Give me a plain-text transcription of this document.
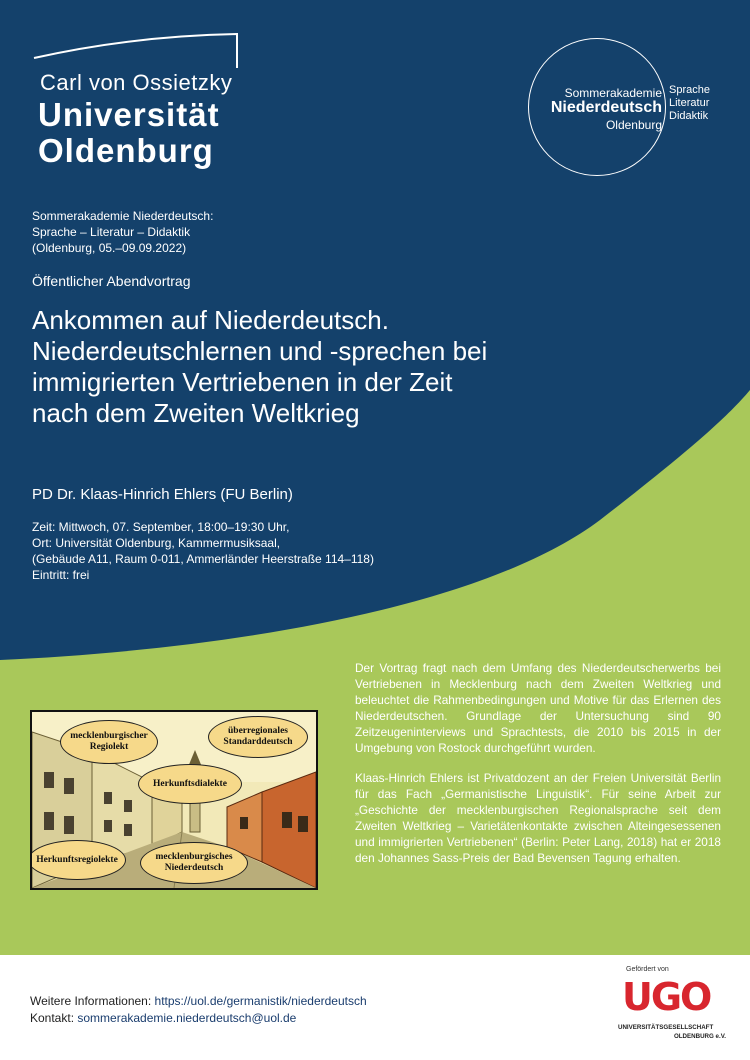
Carl von Ossietzky
Universität
Oldenburg
Sommerakademie
Niederdeutsch
Oldenburg
Sprache
Literatur
Didaktik
Sommerakademie Niederdeutsch:
Sprache – Literatur – Didaktik
(Oldenburg, 05.–09.09.2022)
Öffentlicher Abendvortrag
Ankommen auf Niederdeutsch.
Niederdeutschlernen und -sprechen bei
immigrierten Vertriebenen in der Zeit
nach dem Zweiten Weltkrieg
PD Dr. Klaas-Hinrich Ehlers (FU Berlin)
Zeit: Mittwoch, 07. September, 18:00–19:30 Uhr,
Ort: Universität Oldenburg, Kammermusiksaal,
(Gebäude A11, Raum 0-011, Ammerländer Heerstraße 114–118)
Eintritt: frei
mecklenburgischer Regiolekt
überregionales Standarddeutsch
Herkunftsdialekte
Herkunftsregiolekte	mecklenburgisches Niederdeutsch

Der Vortrag fragt nach dem Umfang des Niederdeutscherwerbs bei Vertriebenen in Mecklenburg nach dem Zweiten Weltkrieg und beleuchtet die Rahmenbedingungen und Motive für das Erlernen des Niederdeutschen. Grundlage der Untersuchung sind 90 Zeitzeugeninterviews und Sprachtests, die 2010 bis 2015 in der Umgebung von Rostock durchgeführt wurden.

Klaas-Hinrich Ehlers ist Privatdozent an der Freien Universität Berlin für das Fach „Germanistische Linguistik“. Für seine Arbeit zur „Geschichte der mecklenburgischen Regionalsprache seit dem Zweiten Weltkrieg – Varietätenkontakte zwischen Alteingesessenen und immigrierten Vertriebenen“ (Berlin: Peter Lang, 2018) hat er 2018 den Johannes Sass-Preis der Bad Bevensen Tagung erhalten.

Weitere Informationen: https://uol.de/germanistik/niederdeutsch
Kontakt: sommerakademie.niederdeutsch@uol.de
Gefördert von
UGO
UNIVERSITÄTSGESELLSCHAFT
OLDENBURG e.V.
